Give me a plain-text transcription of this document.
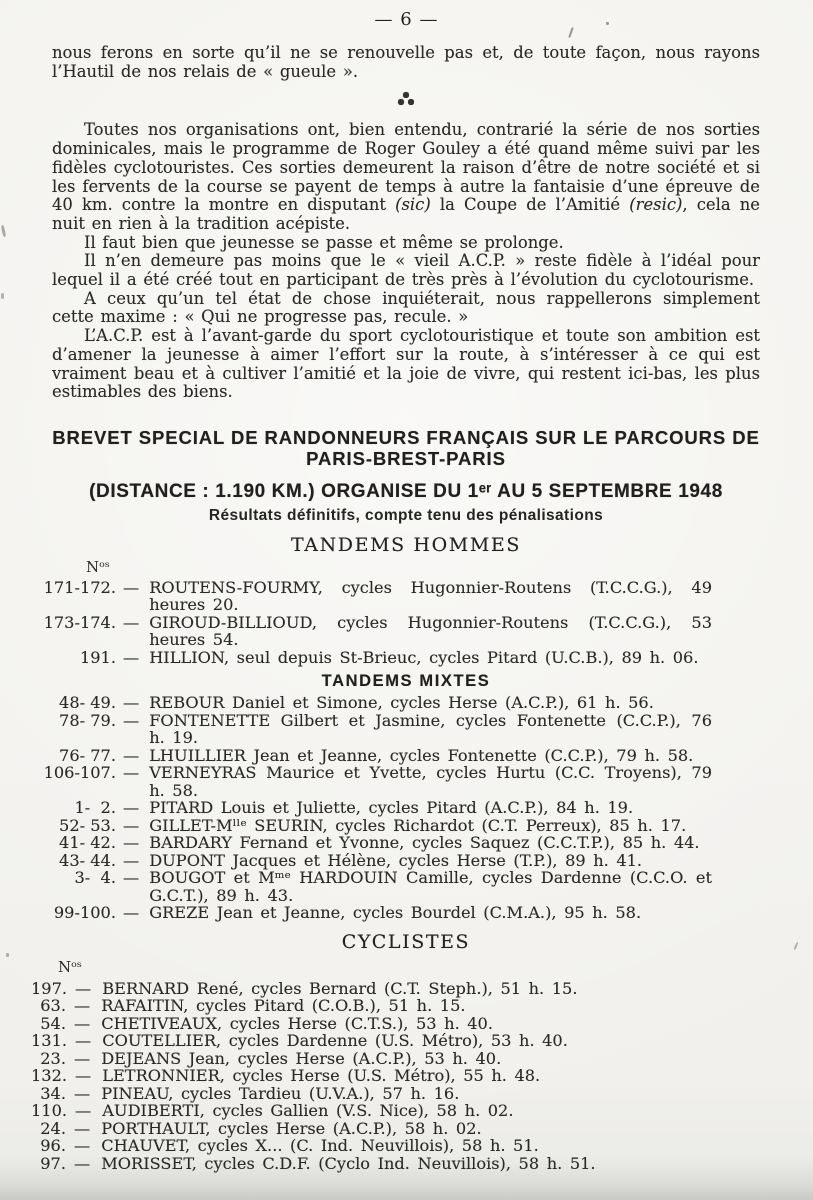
— 6 —

nous ferons en sorte qu’il ne se renouvelle pas et, de toute façon, nous rayons l’Hautil de nos relais de « gueule ».

Toutes nos organisations ont, bien entendu, contrarié la série de nos sorties dominicales, mais le programme de Roger Gouley a été quand même suivi par les fidèles cyclotouristes. Ces sorties demeurent la raison d’être de notre société et si les fervents de la course se payent de temps à autre la fantaisie d’une épreuve de 40 km. contre la montre en disputant (sic) la Coupe de l’Amitié (resic), cela ne nuit en rien à la tradition acépiste.

Il faut bien que jeunesse se passe et même se prolonge.

Il n’en demeure pas moins que le « vieil A.C.P. » reste fidèle à l’idéal pour lequel il a été créé tout en participant de très près à l’évolution du cyclotourisme.

A ceux qu’un tel état de chose inquiéterait, nous rappellerons simplement cette maxime : « Qui ne progresse pas, recule. »

L’A.C.P. est à l’avant-garde du sport cyclotouristique et toute son ambition est d’amener la jeunesse à aimer l’effort sur la route, à s’intéresser à ce qui est vraiment beau et à cultiver l’amitié et la joie de vivre, qui restent ici-bas, les plus estimables des biens.

BREVET SPECIAL DE RANDONNEURS FRANÇAIS SUR LE PARCOURS DE
PARIS-BREST-PARIS
(DISTANCE : 1.190 KM.) ORGANISE DU 1ᵉʳ AU 5 SEPTEMBRE 1948
Résultats définitifs, compte tenu des pénalisations
TANDEMS HOMMES
Nᵒˢ
171-172. — ROUTENS-FOURMY, cycles Hugonnier-Routens (T.C.C.G.), 49 heures 20.
173-174. — GIROUD-BILLIOUD, cycles Hugonnier-Routens (T.C.C.G.), 53 heures 54.
191. — HILLION, seul depuis St-Brieuc, cycles Pitard (U.C.B.), 89 h. 06.
TANDEMS MIXTES
48- 49. — REBOUR Daniel et Simone, cycles Herse (A.C.P.), 61 h. 56.
78- 79. — FONTENETTE Gilbert et Jasmine, cycles Fontenette (C.C.P.), 76 h. 19.
76- 77. — LHUILLIER Jean et Jeanne, cycles Fontenette (C.C.P.), 79 h. 58.
106-107. — VERNEYRAS Maurice et Yvette, cycles Hurtu (C.C. Troyens), 79 h. 58.
1-  2. — PITARD Louis et Juliette, cycles Pitard (A.C.P.), 84 h. 19.
52- 53. — GILLET-Mˡˡᵉ SEURIN, cycles Richardot (C.T. Perreux), 85 h. 17.
41- 42. — BARDARY Fernand et Yvonne, cycles Saquez (C.C.T.P.), 85 h. 44.
43- 44. — DUPONT Jacques et Hélène, cycles Herse (T.P.), 89 h. 41.
3-  4. — BOUGOT et Mᵐᵉ HARDOUIN Camille, cycles Dardenne (C.C.O. et G.C.T.), 89 h. 43.
99-100. — GREZE Jean et Jeanne, cycles Bourdel (C.M.A.), 95 h. 58.
CYCLISTES
Nᵒˢ
197. — BERNARD René, cycles Bernard (C.T. Steph.), 51 h. 15.
63. — RAFAITIN, cycles Pitard (C.O.B.), 51 h. 15.
54. — CHETIVEAUX, cycles Herse (C.T.S.), 53 h. 40.
131. — COUTELLIER, cycles Dardenne (U.S. Métro), 53 h. 40.
23. — DEJEANS Jean, cycles Herse (A.C.P.), 53 h. 40.
132. — LETRONNIER, cycles Herse (U.S. Métro), 55 h. 48.
34. — PINEAU, cycles Tardieu (U.V.A.), 57 h. 16.
110. — AUDIBERTI, cycles Gallien (V.S. Nice), 58 h. 02.
24. — PORTHAULT, cycles Herse (A.C.P.), 58 h. 02.
96. — CHAUVET, cycles X... (C. Ind. Neuvillois), 58 h. 51.
97. — MORISSET, cycles C.D.F. (Cyclo Ind. Neuvillois), 58 h. 51.
